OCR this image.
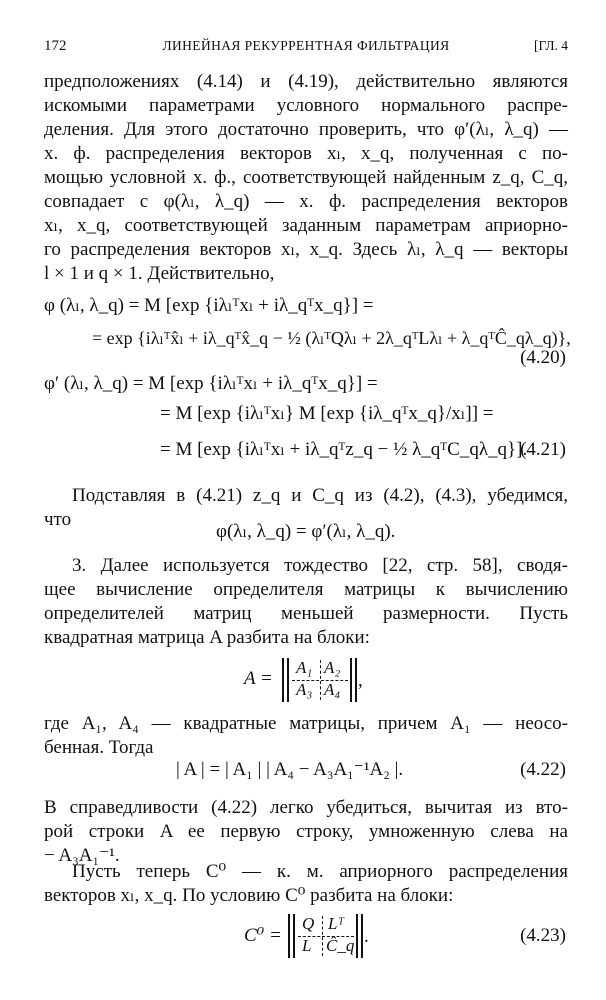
172	ЛИНЕЙНАЯ РЕКУРРЕНТНАЯ ФИЛЬТРАЦИЯ	[ГЛ. 4
предположениях (4.14) и (4.19), действительно являются
искомыми параметрами условного нормального распре-
деления. Для этого достаточно проверить, что φ′(λₗ, λ_q) —
х. ф. распределения векторов xₗ, x_q, полученная с по-
мощью условной х. ф., соответствующей найденным z_q, C_q,
совпадает с φ(λₗ, λ_q) — х. ф. распределения векторов
xₗ, x_q, соответствующей заданным параметрам априорно-
го распределения векторов xₗ, x_q. Здесь λₗ, λ_q — векторы
l × 1 и q × 1. Действительно,
φ (λₗ, λ_q) = M [exp {iλₗᵀxₗ + iλ_qᵀx_q}] =
= exp {iλₗᵀx̂ₗ + iλ_qᵀx̂_q − ½ (λₗᵀQλₗ + 2λ_qᵀLλₗ + λ_qᵀĈ_qλ_q)},
(4.20)
φ′ (λₗ, λ_q) = M [exp {iλₗᵀxₗ + iλ_qᵀx_q}] =
= M [exp {iλₗᵀxₗ} M [exp {iλ_qᵀx_q}/xₗ]] =
= M [exp {iλₗᵀxₗ + iλ_qᵀz_q − ½ λ_qᵀC_qλ_q}].
(4.21)
Подставляя в (4.21) z_q и C_q из (4.2), (4.3), убедимся,
что
φ(λₗ, λ_q) = φ′(λₗ, λ_q).
3. Далее используется тождество [22, стр. 58], сводя-
щее вычисление определителя матрицы к вычислению
определителей матриц меньшей размерности. Пусть
квадратная матрица A разбита на блоки:
A =
A₁ A₂
A₃ A₄ ,
где A₁, A₄ — квадратные матрицы, причем A₁ — неосо-
бенная. Тогда
| A | = | A₁ | | A₄ − A₃A₁⁻¹A₂ |.	(4.22)
В справедливости (4.22) легко убедиться, вычитая из вто-
рой строки A ее первую строку, умноженную слева на
− A₃A₁⁻¹.
Пусть теперь C⁰ — к. м. априорного распределения
векторов xₗ, x_q. По условию C⁰ разбита на блоки:
C⁰ =
Q Lᵀ
L Ĉ_q .	(4.23)
